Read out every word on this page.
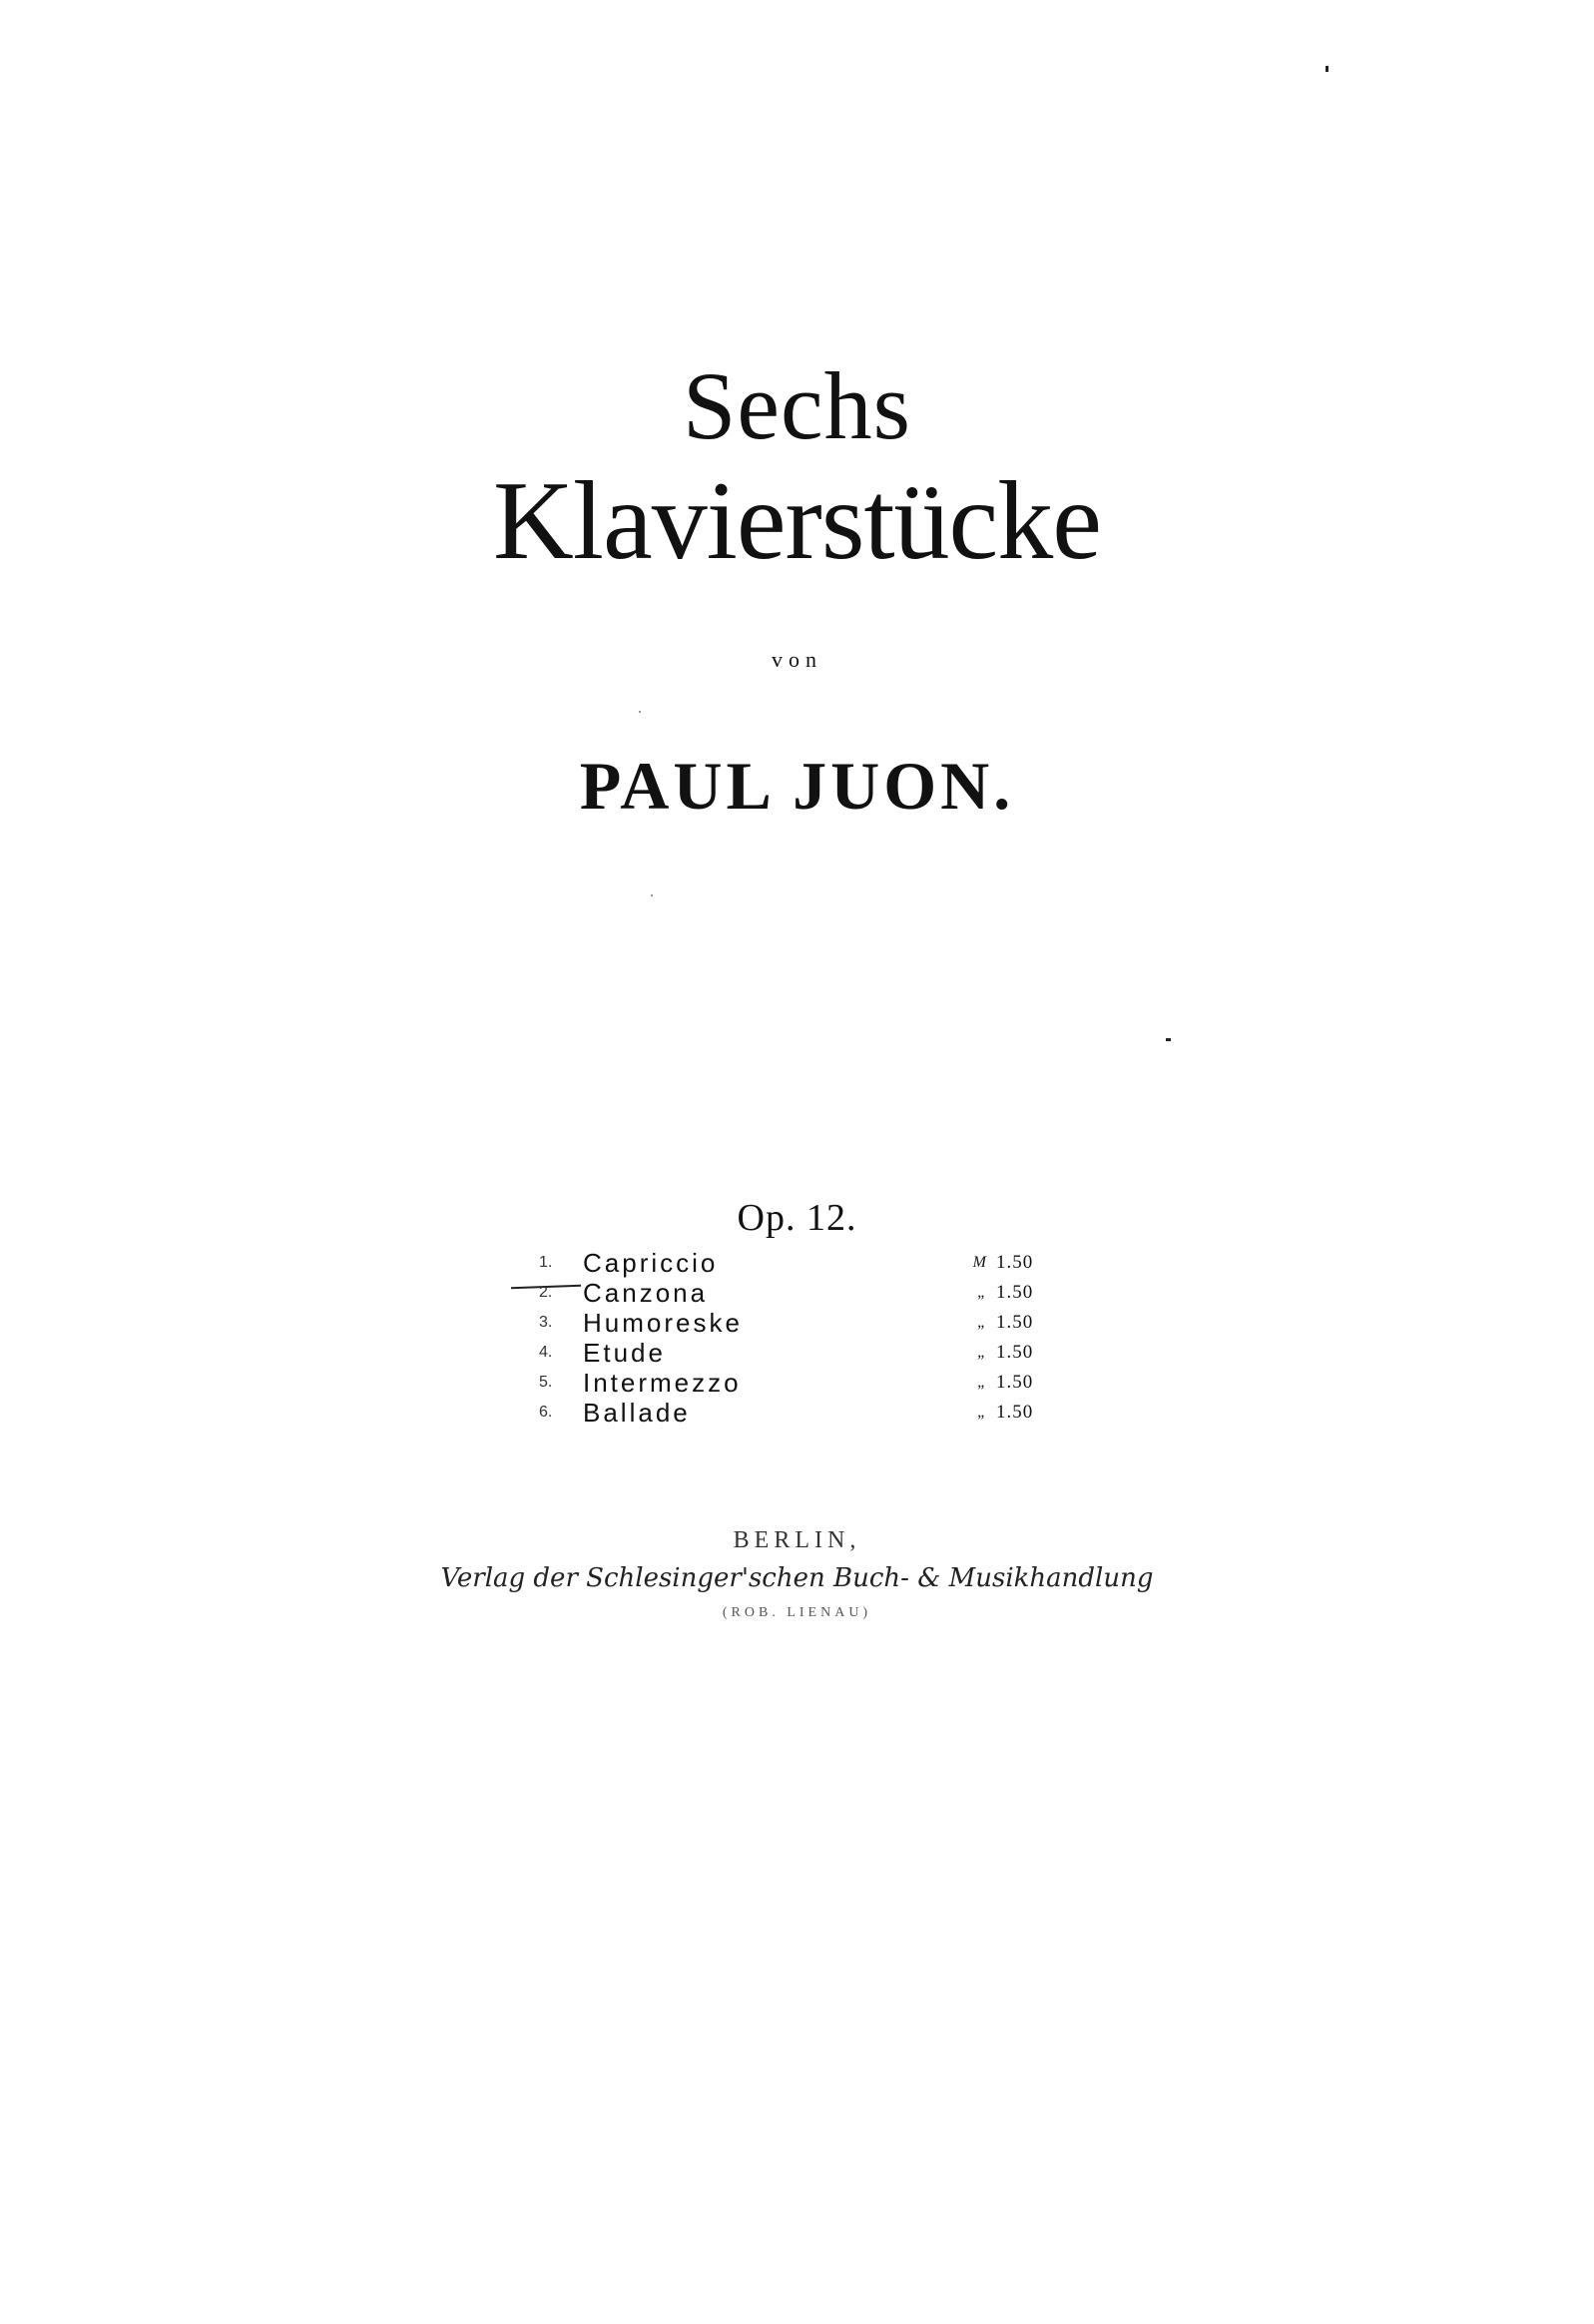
Sechs
Klavierstücke
von
PAUL JUON.
Op. 12.
1.	Capriccio	M 1.50
2.	Canzona	„ 1.50
3.	Humoreske	„ 1.50
4.	Etude	„ 1.50
5.	Intermezzo	„ 1.50
6.	Ballade	„ 1.50
BERLIN,
Verlag der Schlesinger'schen Buch- & Musikhandlung
(ROB. LIENAU)
